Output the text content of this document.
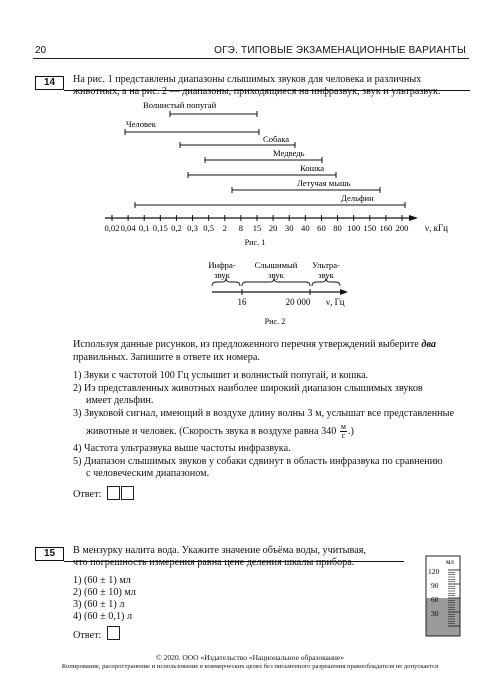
20	ОГЭ. ТИПОВЫЕ ЭКЗАМЕНАЦИОННЫЕ ВАРИАНТЫ
14	На рис. 1 представлены диапазоны слышимых звуков для человека и различных
животных, а на рис. 2 — диапазоны, приходящиеся на инфразвук, звук и ультразвук.
Волнистый попугай
Человек
Собака
Медведь
Кошка
Летучая мышь
Дельфин
0,02 0,04 0,1 0,15 0,2 0,3 0,5 2 8 15 20 30 40 60 80 100 150 160 200 ν, кГц
Рис. 1
Инфра-
звук
Слышимый
звук
Ультра-
звук
16	20 000 ν, Гц
Рис. 2
Используя данные рисунков, из предложенного перечня утверждений выберите два
правильных. Запишите в ответе их номера.
1) Звуки с частотой 100 Гц услышит и волнистый попугай, и кошка.
2) Из представленных животных наиболее широкий диапазон слышимых звуков
имеет дельфин.
3) Звуковой сигнал, имеющий в воздухе длину волны 3 м, услышат все представленные
животные и человек. (Скорость звука в воздухе равна 340 м
с .)
4) Частота ультразвука выше частоты инфразвука.
5) Диапазон слышимых звуков у собаки сдвинут в область инфразвука по сравнению
с человеческим диапазоном.
Ответ:
15	В мензурку налита вода. Укажите значение объёма воды, учитывая,
что погрешность измерения равна цене деления шкалы прибора.
1) (60 ± 1) мл
2) (60 ± 10) мл
3) (60 ± 1) л
4) (60 ± 0,1) л
Ответ:
мл
120
90
60
30
© 2020. ООО «Издательство «Национальное образование»
Копирование, распространение и использование в коммерческих целях без письменного разрешения правообладателя не допускается
